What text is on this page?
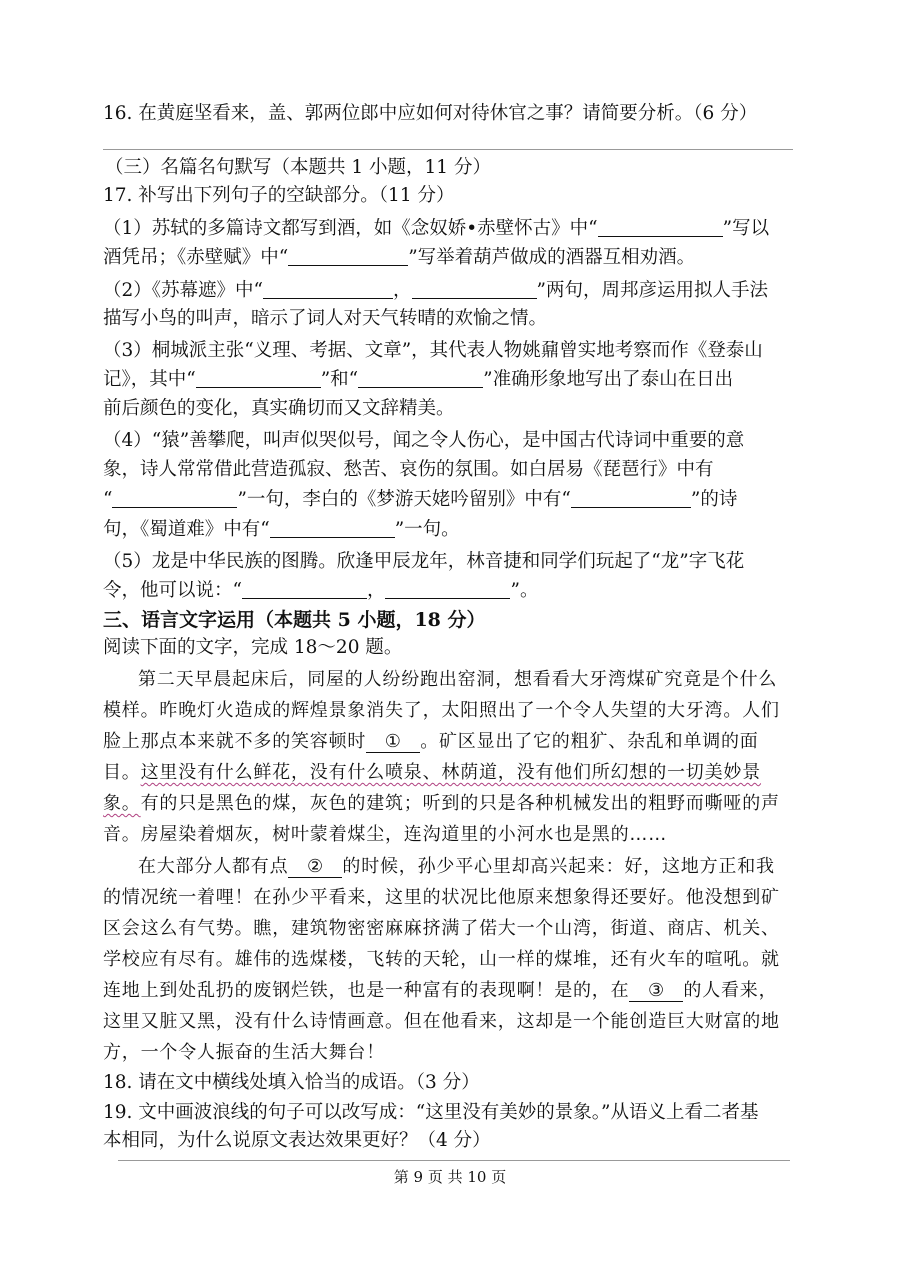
16. 在黄庭坚看来，盖、郭两位郎中应如何对待休官之事？请简要分析。（6 分）
（三）名篇名句默写（本题共 1 小题，11 分）
17. 补写出下列句子的空缺部分。（11 分）
（1）苏轼的多篇诗文都写到酒，如《念奴娇•赤壁怀古》中“	”写以
酒凭吊；《赤壁赋》中“	”写举着葫芦做成的酒器互相劝酒。
（2）《苏幕遮》中“	，	”两句，周邦彦运用拟人手法
描写小鸟的叫声，暗示了词人对天气转晴的欢愉之情。
（3）桐城派主张“义理、考据、文章”，其代表人物姚鼐曾实地考察而作《登泰山
记》，其中“	”和“	”准确形象地写出了泰山在日出
前后颜色的变化，真实确切而又文辞精美。
（4）“猿”善攀爬，叫声似哭似号，闻之令人伤心，是中国古代诗词中重要的意
象，诗人常常借此营造孤寂、愁苦、哀伤的氛围。如白居易《琵琶行》中有
“	”一句，李白的《梦游天姥吟留别》中有“	”的诗
句，《蜀道难》中有“	”一句。
（5）龙是中华民族的图腾。欣逢甲辰龙年，林音捷和同学们玩起了“龙”字飞花
令，他可以说：“	，	”。
三、语言文字运用（本题共 5 小题，18 分）
阅读下面的文字，完成 18～20 题。
第二天早晨起床后，同屋的人纷纷跑出窑洞，想看看大牙湾煤矿究竟是个什么
模样。昨晚灯火造成的辉煌景象消失了，太阳照出了一个令人失望的大牙湾。人们
脸上那点本来就不多的笑容顿时 ① 。矿区显出了它的粗犷、杂乱和单调的面
目。这里没有什么鲜花，没有什么喷泉、林荫道，没有他们所幻想的一切美妙景
象。有的只是黑色的煤，灰色的建筑；听到的只是各种机械发出的粗野而嘶哑的声
音。房屋染着烟灰，树叶蒙着煤尘，连沟道里的小河水也是黑的……
在大部分人都有点 ② 的时候，孙少平心里却高兴起来：好，这地方正和我
的情况统一着哩！在孙少平看来，这里的状况比他原来想象得还要好。他没想到矿
区会这么有气势。瞧，建筑物密密麻麻挤满了偌大一个山湾，街道、商店、机关、
学校应有尽有。雄伟的选煤楼，飞转的天轮，山一样的煤堆，还有火车的喧吼。就
连地上到处乱扔的废钢烂铁，也是一种富有的表现啊！是的，在 ③ 的人看来，
这里又脏又黑，没有什么诗情画意。但在他看来，这却是一个能创造巨大财富的地
方，一个令人振奋的生活大舞台！
18. 请在文中横线处填入恰当的成语。（3 分）
19. 文中画波浪线的句子可以改写成：“这里没有美妙的景象。”从语义上看二者基
本相同，为什么说原文表达效果更好？（4 分）
第 9 页 共 10 页
